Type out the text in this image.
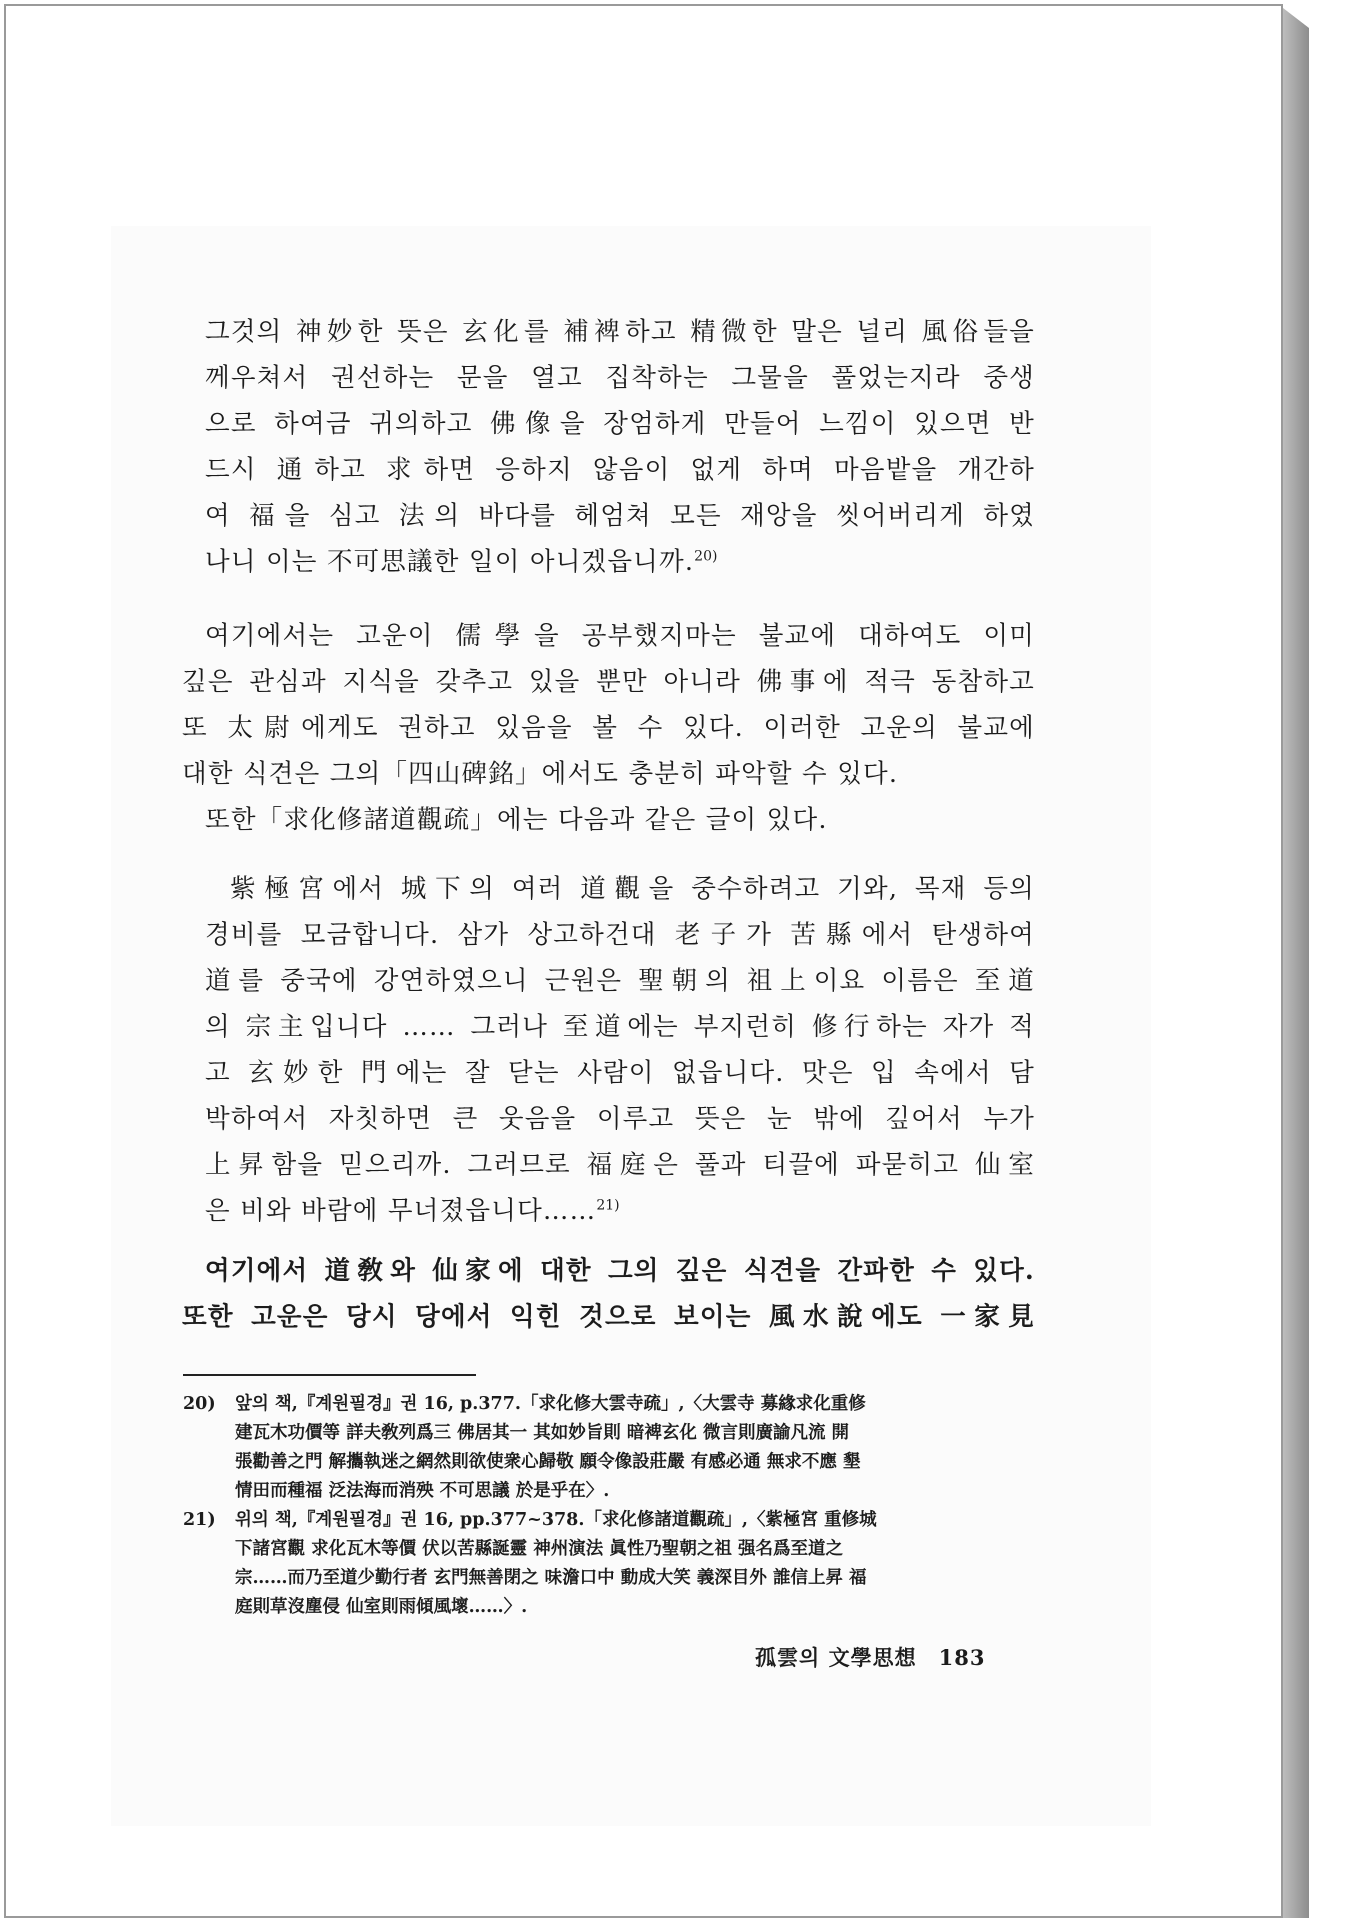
그것의 神妙한 뜻은 玄化를 補裨하고 精微한 말은 널리 風俗들을
께우쳐서 권선하는 문을 열고 집착하는 그물을 풀었는지라 중생
으로 하여금 귀의하고 佛像을 장엄하게 만들어 느낌이 있으면 반
드시 通하고 求하면 응하지 않음이 없게 하며 마음밭을 개간하
여 福을 심고 法의 바다를 헤엄쳐 모든 재앙을 씻어버리게 하였
나니 이는 不可思議한 일이 아니겠읍니까.$^{20)}$
여기에서는 고운이 儒學을 공부했지마는 불교에 대하여도 이미
깊은 관심과 지식을 갖추고 있을 뿐만 아니라 佛事에 적극 동참하고
또 太尉에게도 권하고 있음을 볼 수 있다. 이러한 고운의 불교에
대한 식견은 그의「四山碑銘」에서도 충분히 파악할 수 있다.
또한「求化修諸道觀疏」에는 다음과 같은 글이 있다.
紫極宮에서 城下의 여러 道觀을 중수하려고 기와, 목재 등의
경비를 모금합니다. 삼가 상고하건대 老子가 苦縣에서 탄생하여
道를 중국에 강연하였으니 근원은 聖朝의 祖上이요 이름은 至道
의 宗主입니다 …… 그러나 至道에는 부지런히 修行하는 자가 적
고 玄妙한 門에는 잘 닫는 사람이 없읍니다. 맛은 입 속에서 담
박하여서 자칫하면 큰 웃음을 이루고 뜻은 눈 밖에 깊어서 누가
上昇함을 믿으리까. 그러므로 福庭은 풀과 티끌에 파묻히고 仙室
은 비와 바람에 무너졌읍니다……$^{21)}$
여기에서 道敎와 仙家에 대한 그의 깊은 식견을 간파한 수 있다.
또한 고운은 당시 당에서 익힌 것으로 보이는 風水說에도 一家見
20) 앞의 책,『계원필경』권 16, p.377.「求化修大雲寺疏」,〈大雲寺 募緣求化重修
建瓦木功價等 詳夫敎列爲三 佛居其一 其如妙旨則 暗裨玄化 微言則廣諭凡流 開
張勸善之門 解攜執迷之網然則欲使衆心歸敬 願令像設莊嚴 有感必通 無求不應 墾
情田而種福 泛法海而消殃 不可思議 於是乎在〉.
21) 위의 책,『계원필경』권 16, pp.377~378.「求化修諸道觀疏」,〈紫極宮 重修城
下諸宮觀 求化瓦木等價 伏以苦縣誕靈 神州演法 眞性乃聖朝之祖 强名爲至道之
宗……而乃至道少勤行者 玄門無善閉之 味澹口中 動成大笑 義深目外 誰信上昇 福
庭則草沒塵侵 仙室則雨傾風壞……〉.
孤雲의 文學思想 183
